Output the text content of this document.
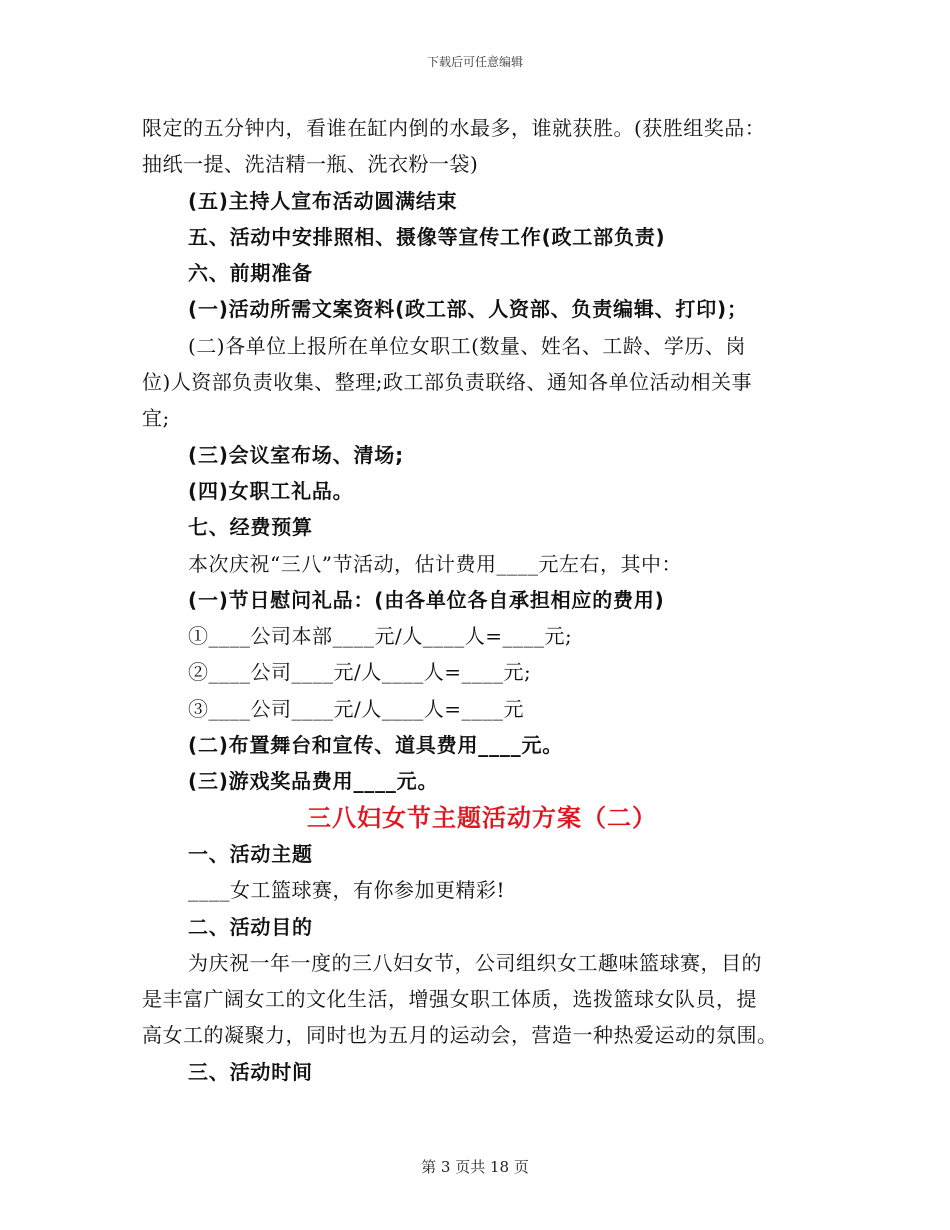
下载后可任意编辑
限定的五分钟内，看谁在缸内倒的水最多，谁就获胜。(获胜组奖品：
抽纸一提、洗洁精一瓶、洗衣粉一袋)
(五)主持人宣布活动圆满结束
五、活动中安排照相、摄像等宣传工作(政工部负责)
六、前期准备
(一)活动所需文案资料(政工部、人资部、负责编辑、打印)；
(二)各单位上报所在单位女职工(数量、姓名、工龄、学历、岗
位)人资部负责收集、整理;政工部负责联络、通知各单位活动相关事
宜;
(三)会议室布场、清场;
(四)女职工礼品。
七、经费预算
本次庆祝“三八”节活动，估计费用____元左右，其中：
(一)节日慰问礼品：(由各单位各自承担相应的费用)
①____公司本部____元/人____人=____元;
②____公司____元/人____人=____元;
③____公司____元/人____人=____元
(二)布置舞台和宣传、道具费用____元。
(三)游戏奖品费用____元。
三八妇女节主题活动方案（二）
一、活动主题
____女工篮球赛，有你参加更精彩!
二、活动目的
为庆祝一年一度的三八妇女节，公司组织女工趣味篮球赛，目的
是丰富广阔女工的文化生活，增强女职工体质，选拨篮球女队员，提
高女工的凝聚力，同时也为五月的运动会，营造一种热爱运动的氛围。
三、活动时间
第 3 页共 18 页
